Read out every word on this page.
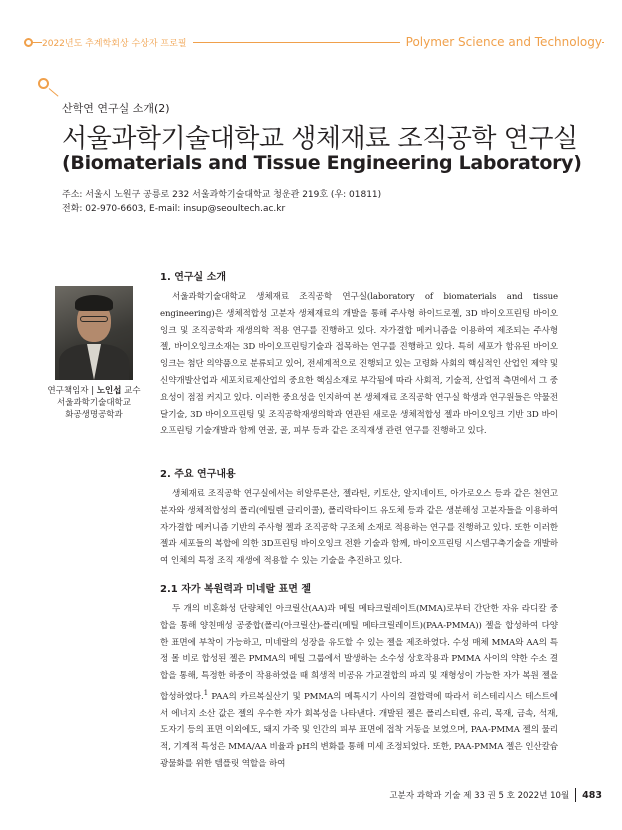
2022년도 추계학회상 수상자 프로필	Polymer Science and Technology
산학연 연구실 소개(2)
서울과학기술대학교 생체재료 조직공학 연구실
(Biomaterials and Tissue Engineering Laboratory)
주소: 서울시 노원구 공릉로 232 서울과학기술대학교 청운관 219호 (우: 01811)
전화: 02-970-6603, E-mail: insup@seoultech.ac.kr
연구책임자 | 노인섭 교수
서울과학기술대학교
화공생명공학과
1. 연구실 소개

서울과학기술대학교 생체재료 조직공학 연구실(laboratory of biomaterials and tissue engineering)은 생체적합성 고분자 생체재료의 개발을 통해 주사형 하이드로젤, 3D 바이오프린팅 바이오잉크 및 조직공학과 재생의학 적용 연구를 진행하고 있다. 자가결합 메커니즘을 이용하여 제조되는 주사형 젤, 바이오잉크소재는 3D 바이오프린팅기술과 접목하는 연구를 진행하고 있다. 특히 세포가 함유된 바이오잉크는 첨단 의약품으로 분류되고 있어, 전세계적으로 진행되고 있는 고령화 사회의 핵심적인 산업인 제약 및 신약개발산업과 세포치료제산업의 중요한 핵심소재로 부각됨에 따라 사회적, 기술적, 산업적 측면에서 그 중요성이 점점 커지고 있다. 이러한 중요성을 인지하여 본 생체재료 조직공학 연구실 학생과 연구원들은 약물전달기술, 3D 바이오프린팅 및 조직공학재생의학과 연관된 새로운 생체적합성 젤과 바이오잉크 기반 3D 바이오프린팅 기술개발과 함께 연골, 골, 피부 등과 같은 조직재생 관련 연구를 진행하고 있다.

2. 주요 연구내용

생체재료 조직공학 연구실에서는 히알루론산, 젤라틴, 키토산, 알지네이트, 아가로오스 등과 같은 천연고분자와 생체적합성의 폴리(에틸렌 글리이콜), 폴리락타이드 유도체 등과 같은 생분해성 고분자들을 이용하여 자가결합 메커니즘 기반의 주사형 젤과 조직공학 구조체 소재로 적용하는 연구를 진행하고 있다. 또한 이러한 젤과 세포들의 복합에 의한 3D프린팅 바이오잉크 전환 기술과 함께, 바이오프린팅 시스템구축기술을 개발하여 인체의 특정 조직 재생에 적용할 수 있는 기술을 추진하고 있다.

2.1 자가 복원력과 미네랄 표면 젤

두 개의 비혼화성 단량체인 아크릴산(AA)과 메틸 메타크릴레이트(MMA)로부터 간단한 자유 라디칼 중합을 통해 양친매성 공중합(폴리(아크릴산)-폴리(메틸 메타크릴레이트)(PAA-PMMA)) 젤을 합성하여 다양한 표면에 부착이 가능하고, 미네랄의 성장을 유도할 수 있는 젤을 제조하였다. 수성 매체 MMA와 AA의 특정 몰 비로 합성된 젤은 PMMA의 메틸 그룹에서 발생하는 소수성 상호작용과 PMMA 사이의 약한 수소 결합을 통해, 특정한 하중이 작용하였을 때 희생적 비공유 가교결합의 파괴 및 재형성이 가능한 자가 복원 젤을 합성하였다.$^1$ PAA의 카르복실산기 및 PMMA의 메톡시기 사이의 결합력에 따라서 히스테리시스 테스트에서 에너지 소산 값은 젤의 우수한 자가 회복성을 나타낸다. 개발된 젤은 폴리스티렌, 유리, 목재, 금속, 석재, 도자기 등의 표면 이외에도, 돼지 가죽 및 인간의 피부 표면에 접착 거동을 보였으며, PAA-PMMA 젤의 물리적, 기계적 특성은 MMA/AA 비율과 pH의 변화를 통해 미세 조정되었다. 또한, PAA-PMMA 젤은 인산칼슘 광물화를 위한 템플릿 역할을 하여

고분자 과학과 기술 제 33 권 5 호 2022년 10월 483
